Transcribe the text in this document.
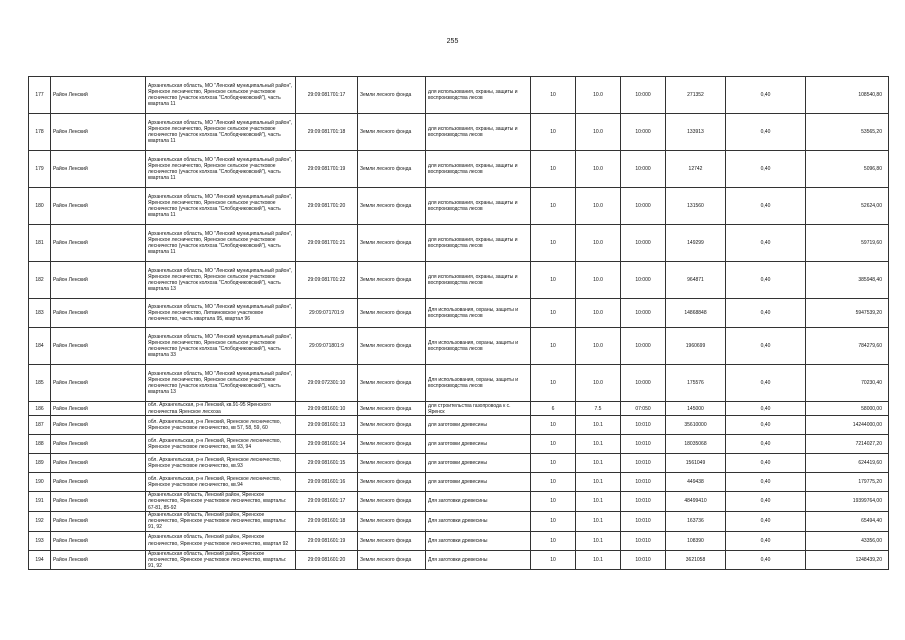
255
177	Район Ленский	Архангельская область, МО "Ленский муниципальный район", Яренское лесничество, Яренское сельское участковое лесничество (участок колхоза "Слободчиковский"), часть квартала 11	29:09:081701:17	Земли лесного фонда	для использования, охраны, защиты и воспроизводства лесов	10	10.0	10:000	271352	0,40	108540,80
178	Район Ленский	Архангельская область, МО "Ленский муниципальный район", Яренское лесничество, Яренское сельское участковое лесничество (участок колхоза "Слободчиковский"), часть квартала 11	29:09:081701:18	Земли лесного фонда	для использования, охраны, защиты и воспроизводства лесов	10	10.0	10:000	133913	0,40	53565,20
179	Район Ленский	Архангельская область, МО "Ленский муниципальный район", Яренское лесничество, Яренское сельское участковое лесничество (участок колхоза "Слободчиковский"), часть квартала 11	29:09:081701:19	Земли лесного фонда	для использования, охраны, защиты и воспроизводства лесов	10	10.0	10:000	12742	0,40	5096,80
180	Район Ленский	Архангельская область, МО "Ленский муниципальный район", Яренское лесничество, Яренское сельское участковое лесничество (участок колхоза "Слободчиковский"), часть квартала 11	29:09:081701:20	Земли лесного фонда	для использования, охраны, защиты и воспроизводства лесов	10	10.0	10:000	131560	0,40	52624,00
181	Район Ленский	Архангельская область, МО "Ленский муниципальный район", Яренское лесничество, Яренское сельское участковое лесничество (участок колхоза "Слободчиковский"), часть квартала 11	29:09:081701:21	Земли лесного фонда	для использования, охраны, защиты и воспроизводства лесов	10	10.0	10:000	149299	0,40	59719,60
182	Район Ленский	Архангельская область, МО "Ленский муниципальный район", Яренское лесничество, Яренское сельское участковое лесничество (участок колхоза "Слободчиковский"), часть квартала 13	29:09:081701:22	Земли лесного фонда	для использования, охраны, защиты и воспроизводства лесов	10	10.0	10:000	964871	0,40	385948,40
183	Район Ленский	Архангельская область, МО "Ленский муниципальный район", Яренское лесничество, Литвиновское участковое лесничество, часть квартала 95, квартал 96	29:09:071701:9	Земли лесного фонда	Для использования, охраны, защиты и воспроизводства лесов	10	10.0	10:000	14868848	0,40	5947539,20
184	Район Ленский	Архангельская область, МО "Ленский муниципальный район", Яренское лесничество, Яренское сельское участковое лесничество (участок колхоза "Слободчиковский"), часть квартала 33	29:09:071801:9	Земли лесного фонда	Для использования, охраны, защиты и воспроизводства лесов	10	10.0	10:000	1960699	0,40	784279,60
185	Район Ленский	Архангельская область, МО "Ленский муниципальный район", Яренское лесничество, Яренское сельское участковое лесничество (участок колхоза "Слободчиковский"), часть квартала 13	29:09:072301:10	Земли лесного фонда	Для использования, охраны, защиты и воспроизводства лесов	10	10.0	10:000	175576	0,40	70230,40
186	Район Ленский	обл. Архангельская, р-н Ленский, кв.91-95 Яренского лесничества Яренское лесхоза	29:09:081601:10	Земли лесного фонда	для строительства газопровода к с. Яренск	6	7.5	07:050	145000	0,40	58000,00
187	Район Ленский	обл. Архангельская, р-н Ленский, Яренское лесничество, Яренское участковое лесничество, кв 57, 58, 59, 60	29:09:081601:13	Земли лесного фонда	для заготовки древесины	10	10.1	10:010	35610000	0,40	14244000,00
188	Район Ленский	обл. Архангельская, р-н Ленский, Яренское лесничество, Яренское участковое лесничество, кв 93, 94	29:09:081601:14	Земли лесного фонда	для заготовки древесины	10	10.1	10:010	18035068	0,40	7214027,20
189	Район Ленский	обл. Архангельская, р-н Ленский, Яренское лесничество, Яренское участковое лесничество, кв.93	29:09:081601:15	Земли лесного фонда	для заготовки древесины	10	10.1	10:010	1561049	0,40	624419,60
190	Район Ленский	обл. Архангельская, р-н Ленский, Яренское лесничество, Яренское участковое лесничество, кв.94	29:09:081601:16	Земли лесного фонда	для заготовки древесины	10	10.1	10:010	449438	0,40	179775,20
191	Район Ленский	Архангельская область, Ленский район, Яренское лесничество, Яренское участковое лесничество, кварталы: 67-81, 85-92	29:09:081601:17	Земли лесного фонда	Для заготовки древесины	10	10.1	10:010	48499410	0,40	19399764,00
192	Район Ленский	Архангельская область, Ленский район, Яренское лесничество, Яренское участковое лесничество, кварталы: 91, 92	29:09:081601:18	Земли лесного фонда	Для заготовки древесины	10	10.1	10:010	163736	0,40	65494,40
193	Район Ленский	Архангельская область, Ленский район, Яренское лесничество, Яренское участковое лесничество, квартал 92	29:09:081601:19	Земли лесного фонда	Для заготовки древесины	10	10.1	10:010	108390	0,40	43356,00
194	Район Ленский	Архангельская область, Ленский район, Яренское лесничество, Яренское участковое лесничество, кварталы: 91, 92	29:09:081601:20	Земли лесного фонда	Для заготовки древесины	10	10.1	10:010	3621058	0,40	1248439,20
